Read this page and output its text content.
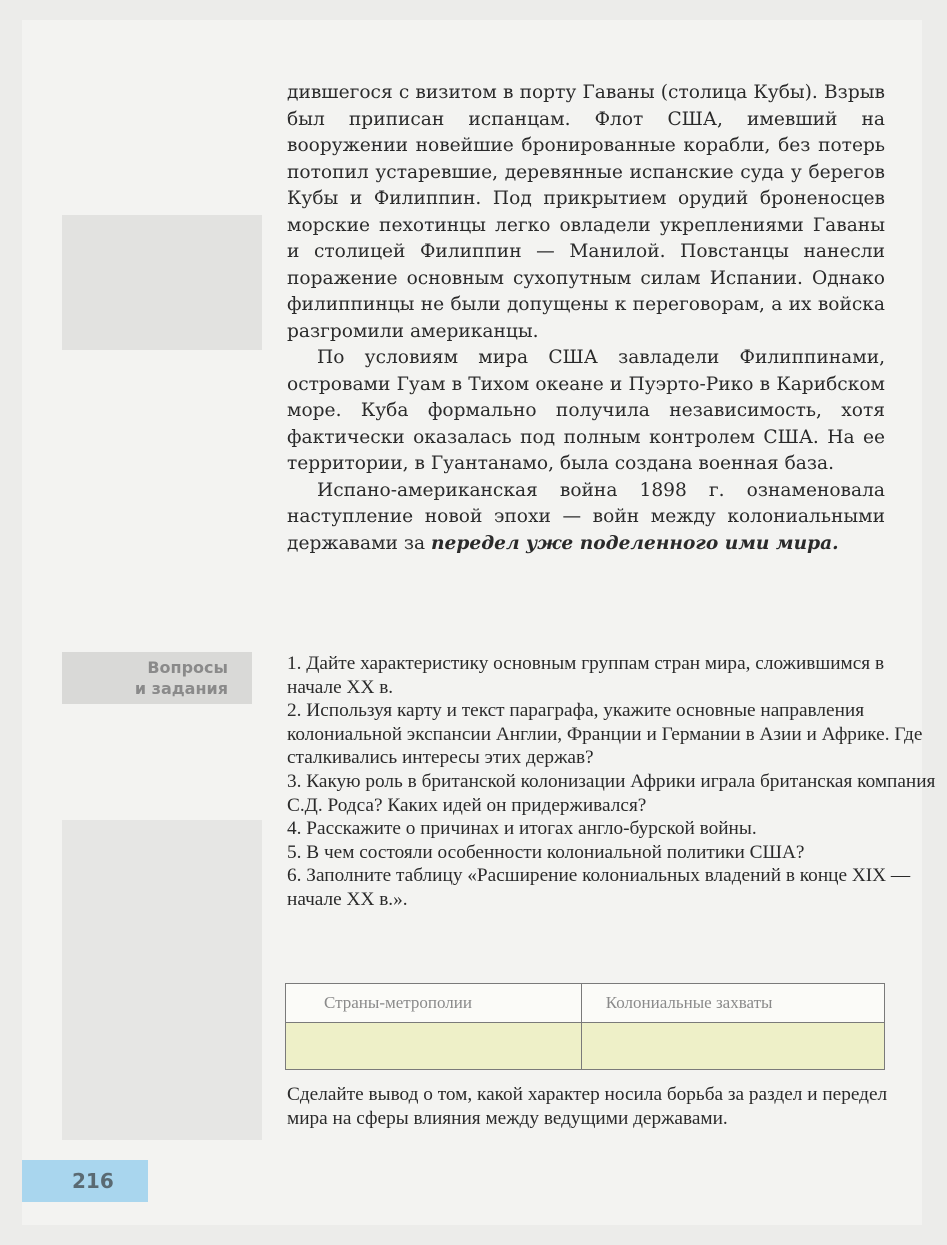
дившегося с визитом в порту Гаваны (столица Кубы). Взрыв был приписан испанцам. Флот США, имевший на вооружении новейшие бронированные корабли, без потерь потопил устаревшие, деревянные испанские суда у берегов Кубы и Филиппин. Под прикрытием орудий броненосцев морские пехотинцы легко овладели укреплениями Гаваны и столицей Филиппин — Манилой. Повстанцы нанесли поражение основным сухопутным силам Испании. Однако филиппинцы не были допущены к переговорам, а их войска разгромили американцы.

По условиям мира США завладели Филиппинами, островами Гуам в Тихом океане и Пуэрто-Рико в Карибском море. Куба формально получила независимость, хотя фактически оказалась под полным контролем США. На ее территории, в Гуантанамо, была создана военная база.

Испано-американская война 1898 г. ознаменовала наступление новой эпохи — войн между колониальными державами за передел уже поделенного ими мира.

Вопросы
и задания

1. Дайте характеристику основным группам стран мира, сложившимся в начале XX в.

2. Используя карту и текст параграфа, укажите основные направления колониальной экспансии Англии, Франции и Германии в Азии и Африке. Где сталкивались интересы этих держав?

3. Какую роль в британской колонизации Африки играла британская компания С.Д. Родса? Каких идей он придерживался?

4. Расскажите о причинах и итогах англо-бурской войны.

5. В чем состояли особенности колониальной политики США?

6. Заполните таблицу «Расширение колониальных владений в конце XIX — начале XX в.».

Страны-метрополии	Колониальные захваты

Сделайте вывод о том, какой характер носила борьба за раздел и передел мира на сферы влияния между ведущими державами.
216
